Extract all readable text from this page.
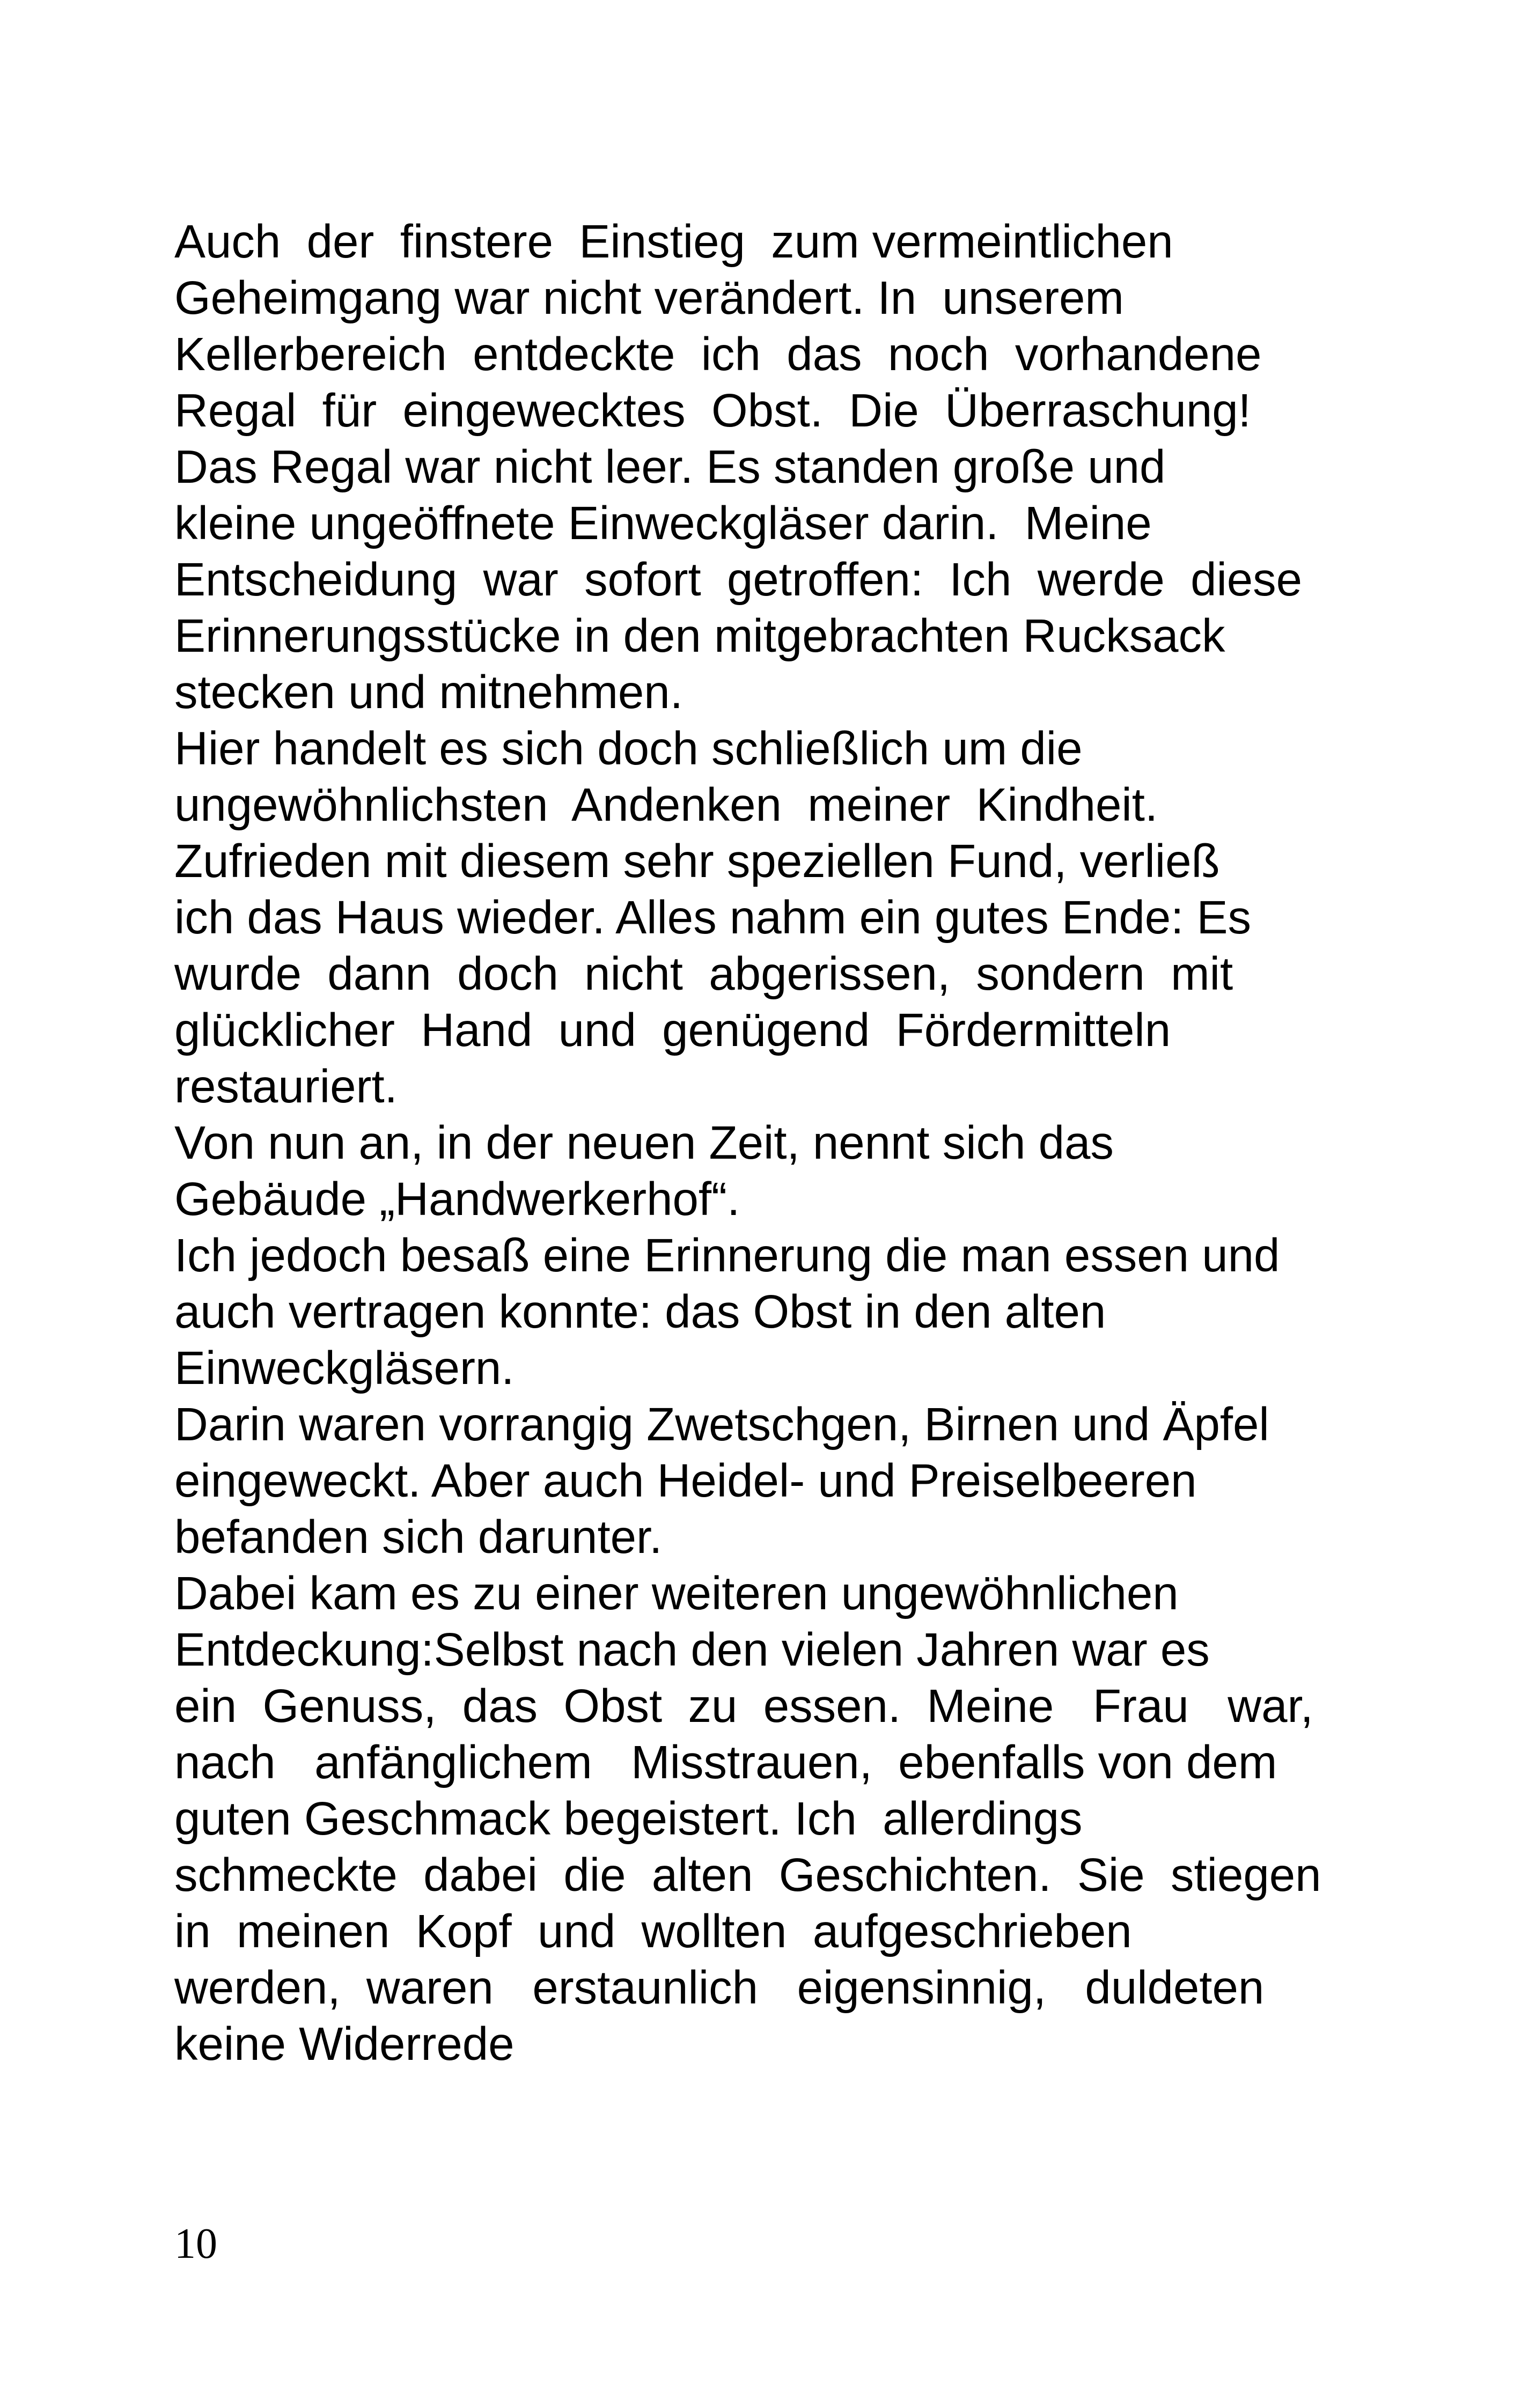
Auch  der  finstere  Einstieg  zum vermeintlichen
Geheimgang war nicht verändert. In  unserem
Kellerbereich  entdeckte  ich  das  noch  vorhandene
Regal  für  eingewecktes  Obst.  Die  Überraschung!
Das Regal war nicht leer. Es standen große und
kleine ungeöffnete Einweckgläser darin.  Meine
Entscheidung  war  sofort  getroffen:  Ich  werde  diese
Erinnerungsstücke in den mitgebrachten Rucksack
stecken und mitnehmen.
Hier handelt es sich doch schließlich um die
ungewöhnlichsten  Andenken  meiner  Kindheit.
Zufrieden mit diesem sehr speziellen Fund, verließ
ich das Haus wieder. Alles nahm ein gutes Ende: Es
wurde  dann  doch  nicht  abgerissen,  sondern  mit
glücklicher  Hand  und  genügend  Fördermitteln
restauriert.
Von nun an, in der neuen Zeit, nennt sich das
Gebäude „Handwerkerhof“.
Ich jedoch besaß eine Erinnerung die man essen und
auch vertragen konnte: das Obst in den alten
Einweckgläsern.
Darin waren vorrangig Zwetschgen, Birnen und Äpfel
eingeweckt. Aber auch Heidel- und Preiselbeeren
befanden sich darunter.
Dabei kam es zu einer weiteren ungewöhnlichen
Entdeckung:Selbst nach den vielen Jahren war es
ein  Genuss,  das  Obst  zu  essen.  Meine   Frau   war,
nach   anfänglichem   Misstrauen,  ebenfalls von dem
guten Geschmack begeistert. Ich  allerdings
schmeckte  dabei  die  alten  Geschichten.  Sie  stiegen
in  meinen  Kopf  und  wollten  aufgeschrieben
werden,  waren   erstaunlich   eigensinnig,   duldeten
keine Widerrede
10
